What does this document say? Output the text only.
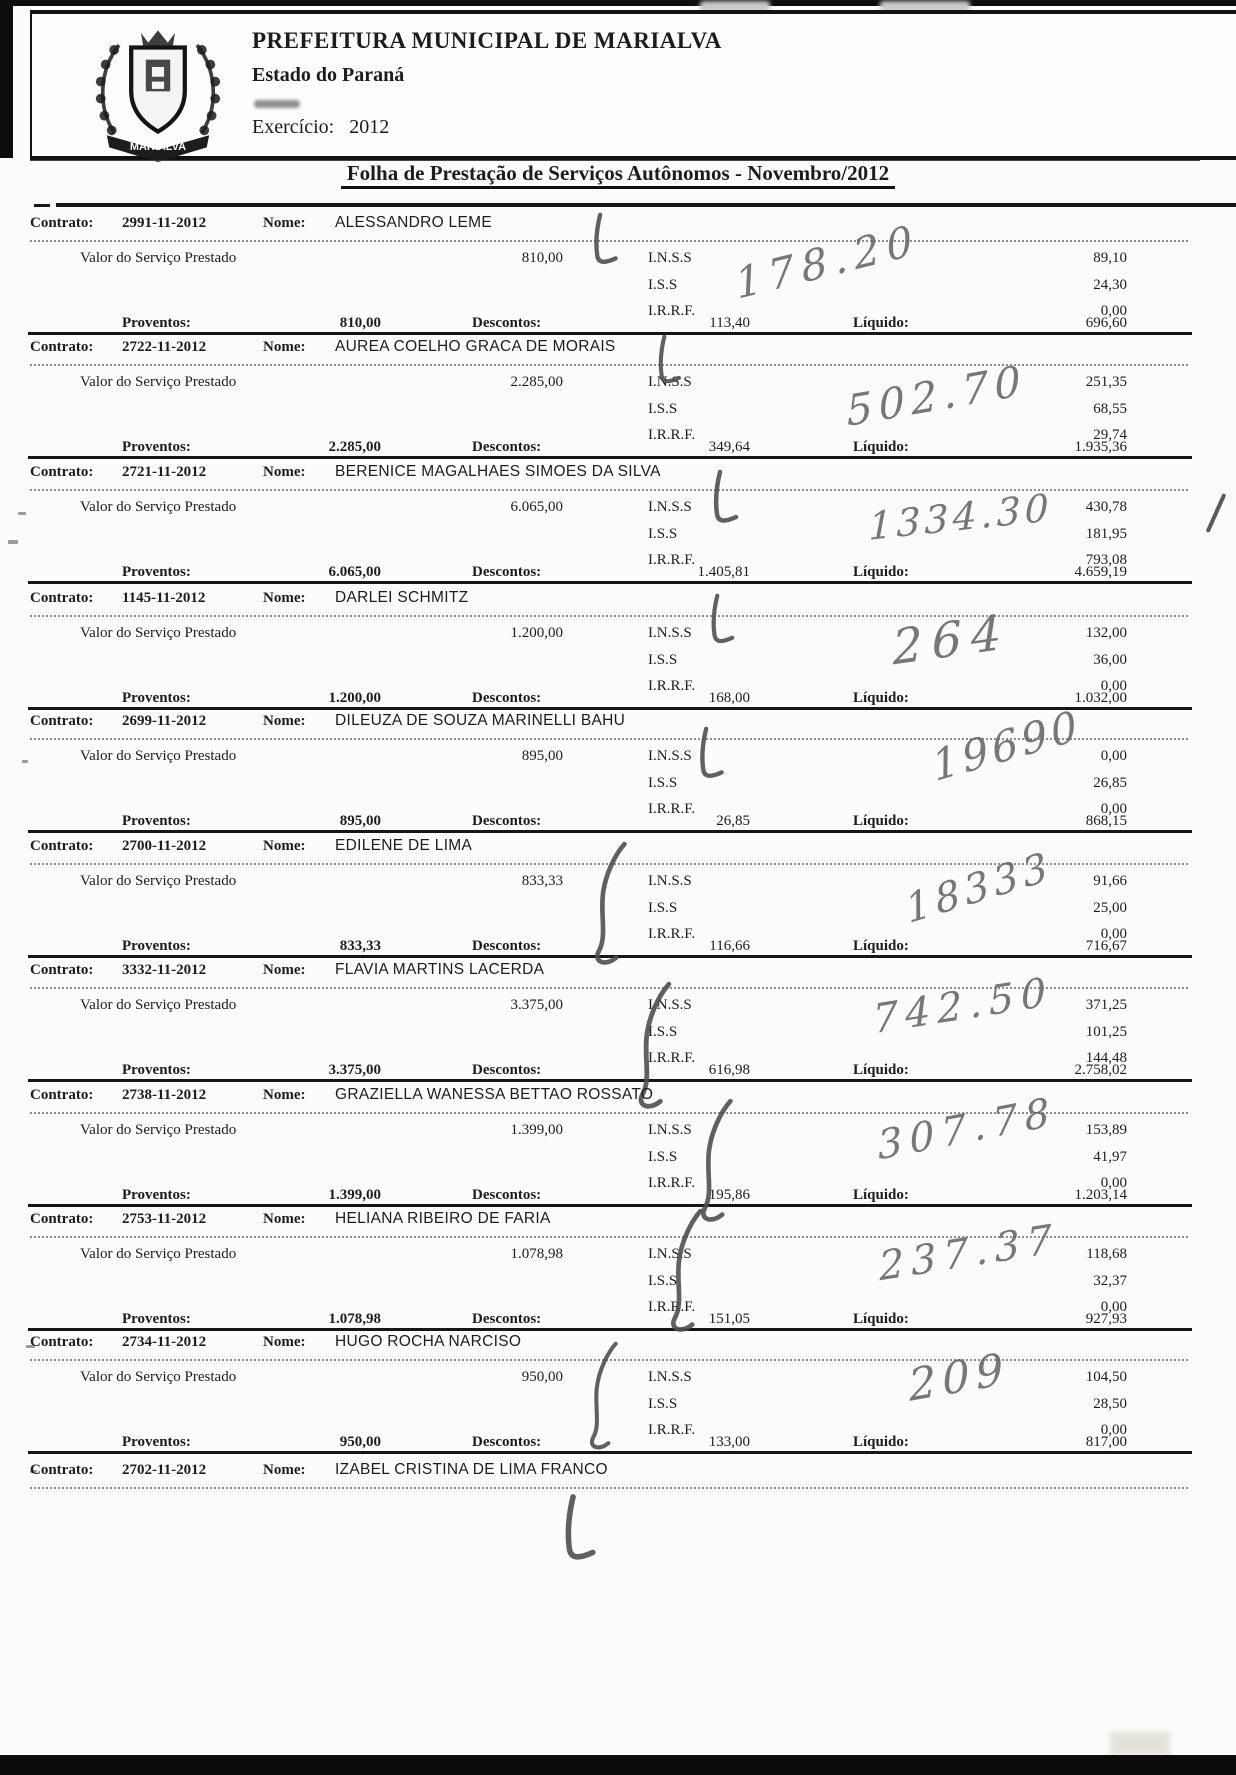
MARIALVA
PREFEITURA MUNICIPAL DE MARIALVA
Estado do Paraná
Exercício: 2012
Folha de Prestação de Serviços Autônomos - Novembro/2012
Contrato: 2991-11-2012	Nome: ALESSANDRO LEME
Valor do Serviço Prestado	810,00	I.N.S.S	89,10
I.S.S	24,30
I.R.R.F.	0,00
Proventos:	810,00	Descontos:	113,40	Líquido:	696,60
178.20
Contrato: 2722-11-2012	Nome: AUREA COELHO GRACA DE MORAIS
Valor do Serviço Prestado	2.285,00	I.N.S.S	251,35
I.S.S	68,55
I.R.R.F.	29,74
Proventos:	2.285,00	Descontos:	349,64	Líquido:	1.935,36
502.70
Contrato: 2721-11-2012	Nome: BERENICE MAGALHAES SIMOES DA SILVA
Valor do Serviço Prestado	6.065,00	I.N.S.S	430,78
I.S.S	181,95
I.R.R.F.	793,08
Proventos:	6.065,00	Descontos:	1.405,81	Líquido:	4.659,19
1334.30
Contrato: 1145-11-2012	Nome: DARLEI SCHMITZ
Valor do Serviço Prestado	1.200,00	I.N.S.S	132,00
I.S.S	36,00
I.R.R.F.	0,00
Proventos:	1.200,00	Descontos:	168,00	Líquido:	1.032,00
264
Contrato: 2699-11-2012	Nome: DILEUZA DE SOUZA MARINELLI BAHU
Valor do Serviço Prestado	895,00	I.N.S.S	0,00
I.S.S	26,85
I.R.R.F.	0,00
Proventos:	895,00	Descontos:	26,85	Líquido:	868,15
19690
Contrato: 2700-11-2012	Nome: EDILENE DE LIMA
Valor do Serviço Prestado	833,33	I.N.S.S	91,66
I.S.S	25,00
I.R.R.F.	0,00
Proventos:	833,33	Descontos:	116,66	Líquido:	716,67
18333
Contrato: 3332-11-2012	Nome: FLAVIA MARTINS LACERDA
Valor do Serviço Prestado	3.375,00	I.N.S.S	371,25
I.S.S	101,25
I.R.R.F.	144,48
Proventos:	3.375,00	Descontos:	616,98	Líquido:	2.758,02
742.50
Contrato: 2738-11-2012	Nome: GRAZIELLA WANESSA BETTAO ROSSATO
Valor do Serviço Prestado	1.399,00	I.N.S.S	153,89
I.S.S	41,97
I.R.R.F.	0,00
Proventos:	1.399,00	Descontos:	195,86	Líquido:	1.203,14
307.78
Contrato: 2753-11-2012	Nome: HELIANA RIBEIRO DE FARIA
Valor do Serviço Prestado	1.078,98	I.N.S.S	118,68
I.S.S	32,37
I.R.R.F.	0,00
Proventos:	1.078,98	Descontos:	151,05	Líquido:	927,93
237.37
Contrato: 2734-11-2012	Nome: HUGO ROCHA NARCISO
Valor do Serviço Prestado	950,00	I.N.S.S	104,50
I.S.S	28,50
I.R.R.F.	0,00
Proventos:	950,00	Descontos:	133,00	Líquido:	817,00
209
Contrato: 2702-11-2012	Nome: IZABEL CRISTINA DE LIMA FRANCO
